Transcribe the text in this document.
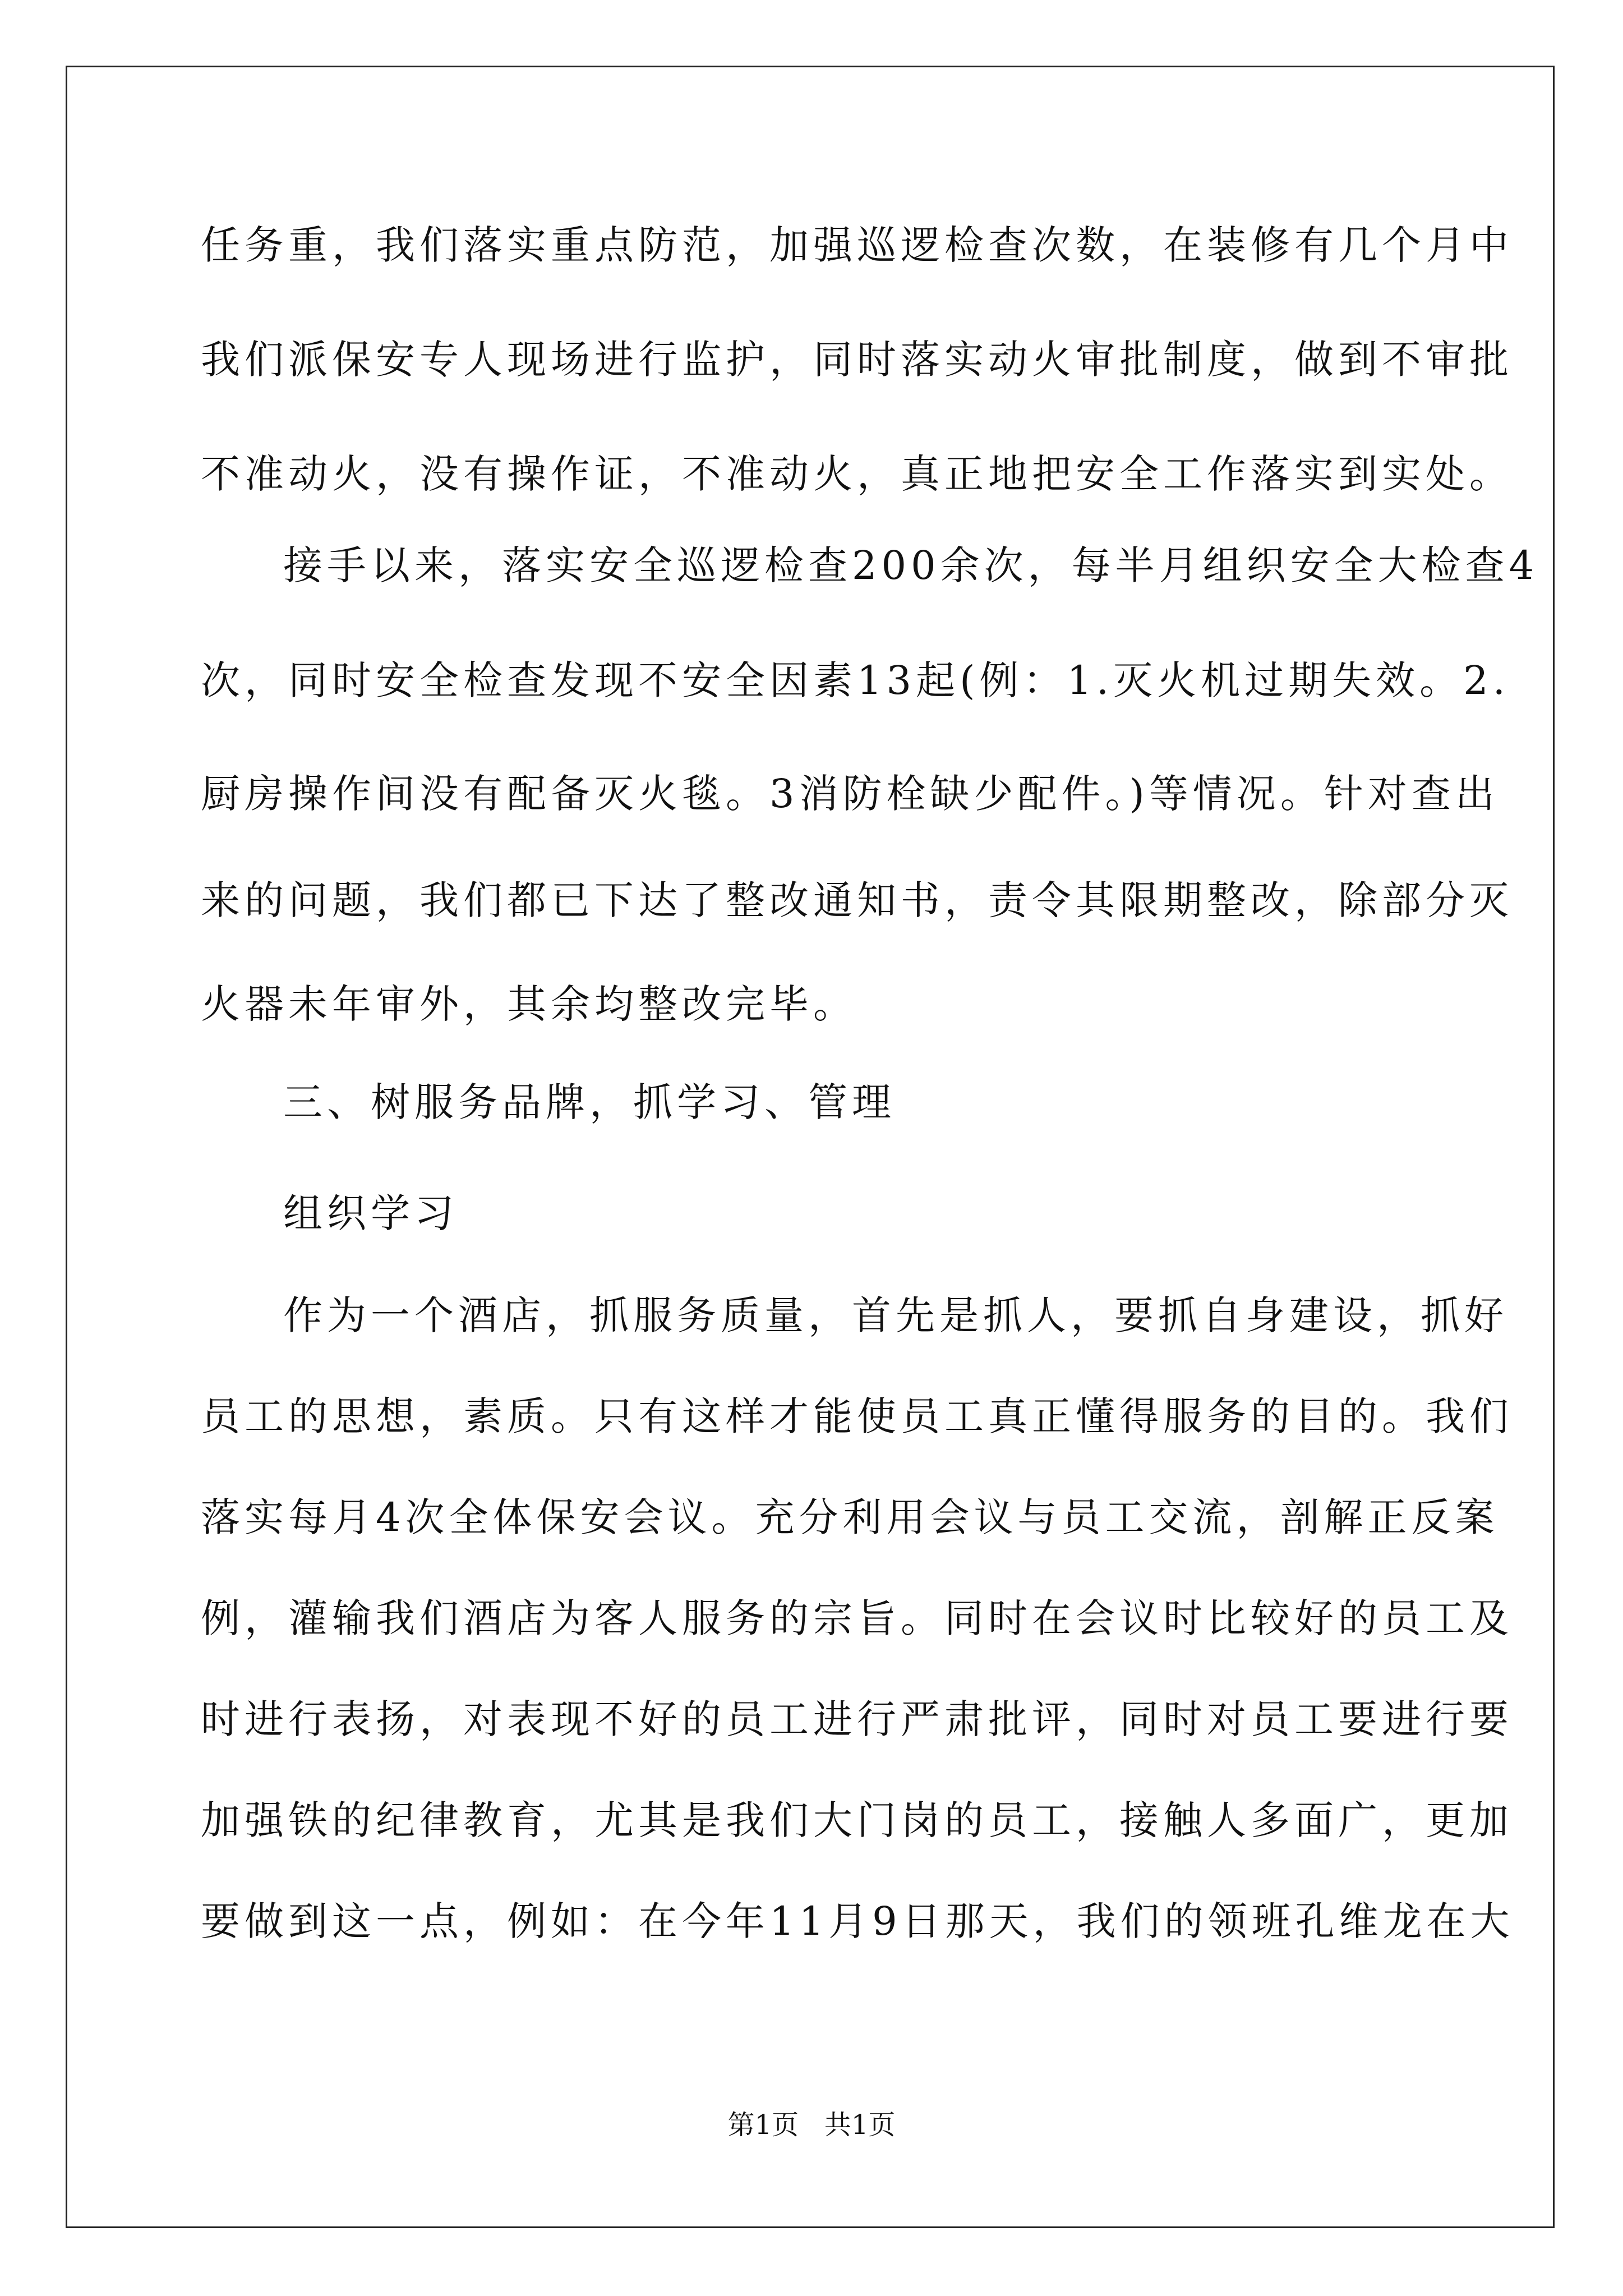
任务重，我们落实重点防范，加强巡逻检查次数，在装修有几个月中
我们派保安专人现场进行监护，同时落实动火审批制度，做到不审批
不准动火，没有操作证，不准动火，真正地把安全工作落实到实处。
接手以来，落实安全巡逻检查200余次，每半月组织安全大检查4
次，同时安全检查发现不安全因素13起(例：1.灭火机过期失效。2.
厨房操作间没有配备灭火毯。3消防栓缺少配件。)等情况。针对查出
来的问题，我们都已下达了整改通知书，责令其限期整改，除部分灭
火器未年审外，其余均整改完毕。
三、树服务品牌，抓学习、管理
组织学习
作为一个酒店，抓服务质量，首先是抓人，要抓自身建设，抓好
员工的思想，素质。只有这样才能使员工真正懂得服务的目的。我们
落实每月4次全体保安会议。充分利用会议与员工交流，剖解正反案
例，灌输我们酒店为客人服务的宗旨。同时在会议时比较好的员工及
时进行表扬，对表现不好的员工进行严肃批评，同时对员工要进行要
加强铁的纪律教育，尤其是我们大门岗的员工，接触人多面广，更加
要做到这一点，例如：在今年11月9日那天，我们的领班孔维龙在大
第1页   共1页
